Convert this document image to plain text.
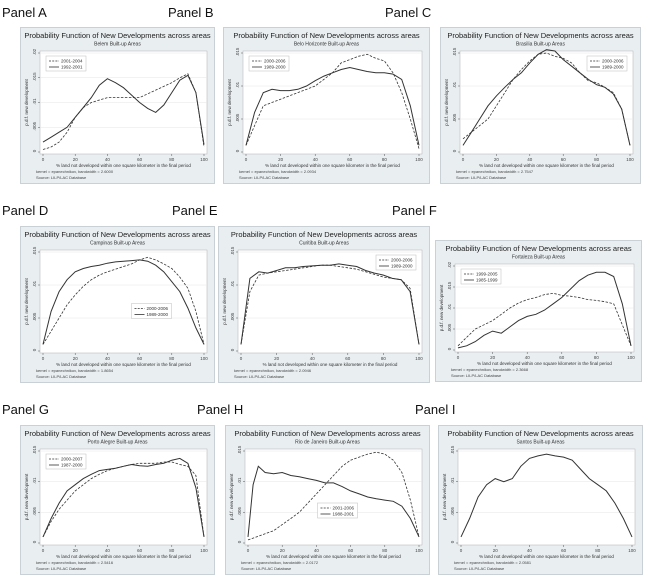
Panel A	Panel B	Panel C
Panel D	Panel E	Panel F
Panel G	Panel H	Panel I
Probability Function of New Developments across areas
Belem Built-up Areas
0
.005
.01
.015
.02
0	20	40	60	80	100
% land not developed within one square kilometer in the final period
p.d.f. new development
kernel = epanechnikov, bandwidth = 2.6000
Source: LILP/LAC Database
2001-2004
1992-2001
Probability Function of New Developments across areas
Belo Horizonte Built-up Areas
0
.005
.01
.015
0	20	40	60	80	100
% land not developed within one square kilometer in the final period
p.d.f. new development
kernel = epanechnikov, bandwidth = 2.0934
Source: LILP/LAC Database
2000-2006
1989-2000
Probability Function of New Developments across areas
Brasilia Built-up Areas
0
.005
.01
.015
0	20	40	60	80	100
% land not developed within one square kilometer in the final period
p.d.f. new development
kernel = epanechnikov, bandwidth = 2.7547
Source: LILP/LAC Database
2000-2006
1989-2000
Probability Function of New Developments across areas
Campinas Built-up Areas
0
.005
.01
.015
0	20	40	60	80	100
% land not developed within one square kilometer in the final period
p.d.f. new development
kernel = epanechnikov, bandwidth = 1.8654
Source: LILP/LAC Database
2000-2006
1989-2000
Probability Function of New Developments across areas
Curitiba Built-up Areas
0
.005
.01
.015
0	20	40	60	80	100
% land not developed within one square kilometer in the final period
p.d.f. new development
kernel = epanechnikov, bandwidth = 2.0946
Source: LILP/LAC Database
2000-2006
1989-2000
Probability Function of New Developments across areas
Fortaleza Built-up Areas
0
.005
.01
.015
.02
0	20	40	60	80	100
% land not developed within one square kilometer in the final period
p.d.f. new development
kernel = epanechnikov, bandwidth = 2.3668
Source: LILP/LAC Database
1999-2005
1985-1999
Probability Function of New Developments across areas
Porto Alegre Built-up Areas
0
.005
.01
.015
0	20	40	60	80	100
% land not developed within one square kilometer in the final period
p.d.f. new development
kernel = epanechnikov, bandwidth = 2.5416
Source: LILP/LAC Database
2000-2007
1987-2000
Probability Function of New Developments across areas
Rio de Janeiro Built-up Areas
0
.005
.01
.015
0	20	40	60	80	100
% land not developed within one square kilometer in the final period
p.d.f. new development
kernel = epanechnikov, bandwidth = 2.0172
Source: LILP/LAC Database
2001-2006
1988-2001
Probability Function of New Developments across areas
Santos Built-up Areas
0
.005
.01
.015
0	20	40	60	80	100
% land not developed within one square kilometer in the final period
p.d.f. new development
kernel = epanechnikov, bandwidth = 2.0581
Source: LILP/LAC Database
